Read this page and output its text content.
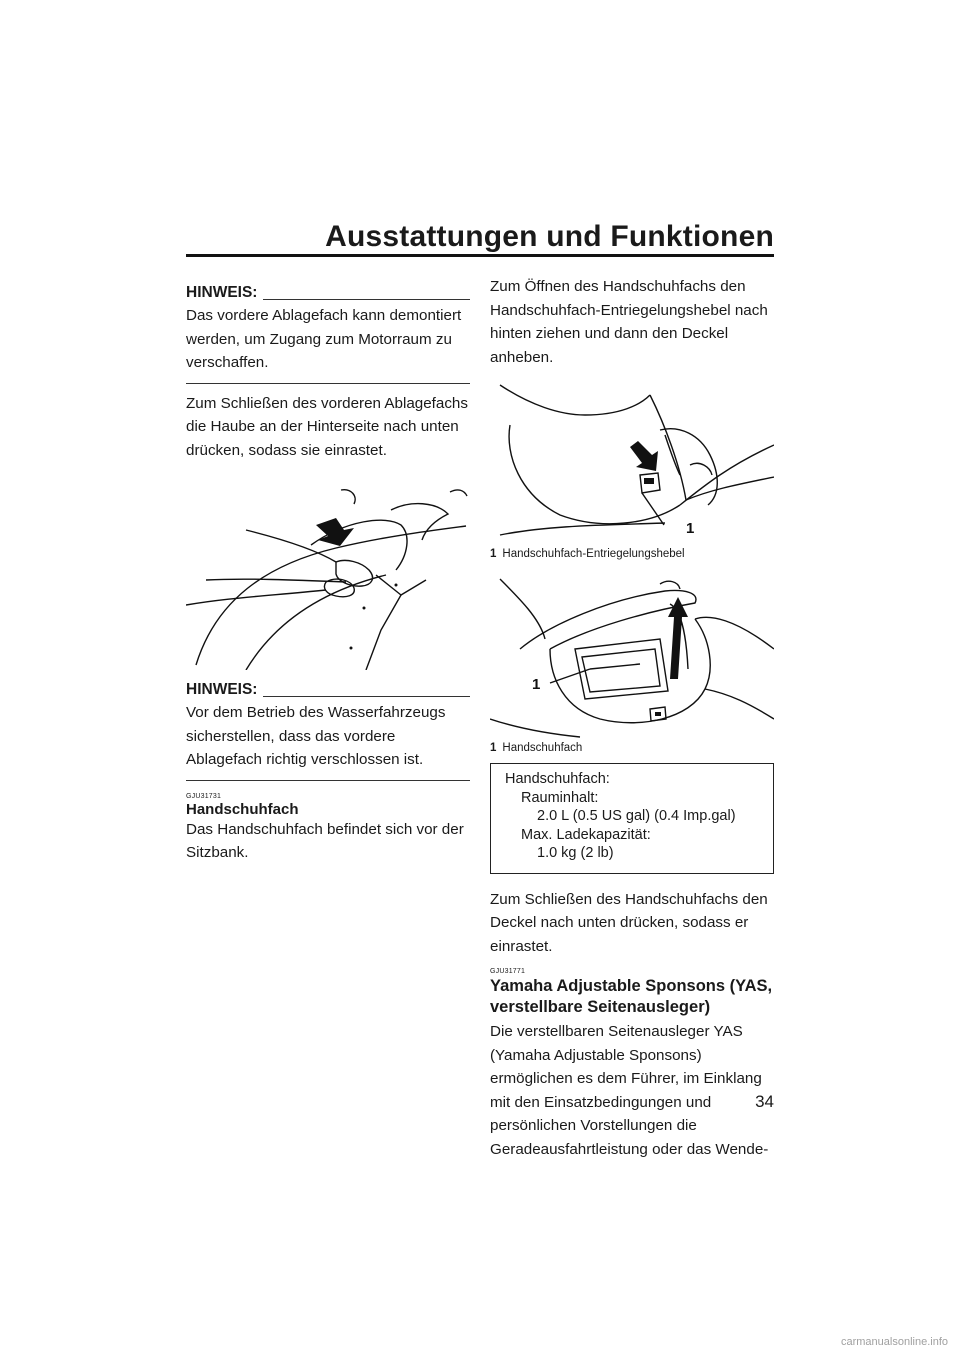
Ausstattungen und Funktionen
HINWEIS:

Das vordere Ablagefach kann demontiert werden, um Zugang zum Motorraum zu verschaffen.

Zum Schließen des vorderen Ablagefachs die Haube an der Hinterseite nach unten drücken, sodass sie einrastet.

HINWEIS:

Vor dem Betrieb des Wasserfahrzeugs sicherstellen, dass das vordere Ablagefach richtig verschlossen ist.

GJU31731
Handschuhfach

Das Handschuhfach befindet sich vor der Sitzbank.

Zum Öffnen des Handschuhfachs den Handschuhfach-Entriegelungshebel nach hinten ziehen und dann den Deckel anheben.

1
1 Handschuhfach-Entriegelungshebel
1
1 Handschuhfach
Handschuhfach:
Rauminhalt:
2.0 L (0.5 US gal) (0.4 Imp.gal)
Max. Ladekapazität:
1.0 kg (2 lb)

Zum Schließen des Handschuhfachs den Deckel nach unten drücken, sodass er einrastet.

GJU31771
Yamaha Adjustable Sponsons (YAS, verstellbare Seitenausleger)

Die verstellbaren Seitenausleger YAS (Yamaha Adjustable Sponsons) ermöglichen es dem Führer, im Einklang mit den Einsatzbedingungen und persönlichen Vorstellungen die Geradeausfahrtleistung oder das Wende-

34
carmanualsonline.info
